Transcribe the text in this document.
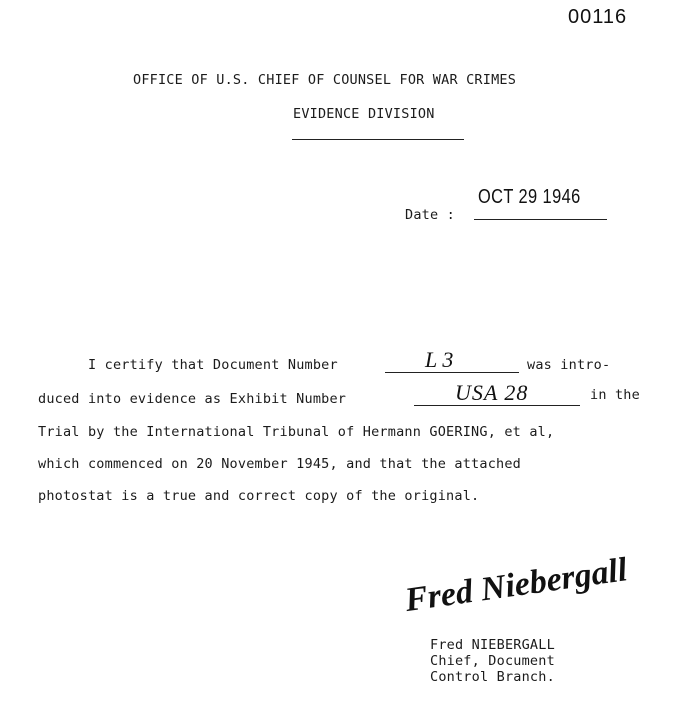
00116
OFFICE OF U.S. CHIEF OF COUNSEL FOR WAR CRIMES
EVIDENCE DIVISION
Date :
OCT 29 1946
I certify that Document Number	L 3	was intro-
duced into evidence as Exhibit Number	USA 28	in the
Trial by the International Tribunal of Hermann GOERING, et al,
which commenced on 20 November 1945, and that the attached
photostat is a true and correct copy of the original.
Fred Niebergall
Fred NIEBERGALL
Chief, Document
Control Branch.
